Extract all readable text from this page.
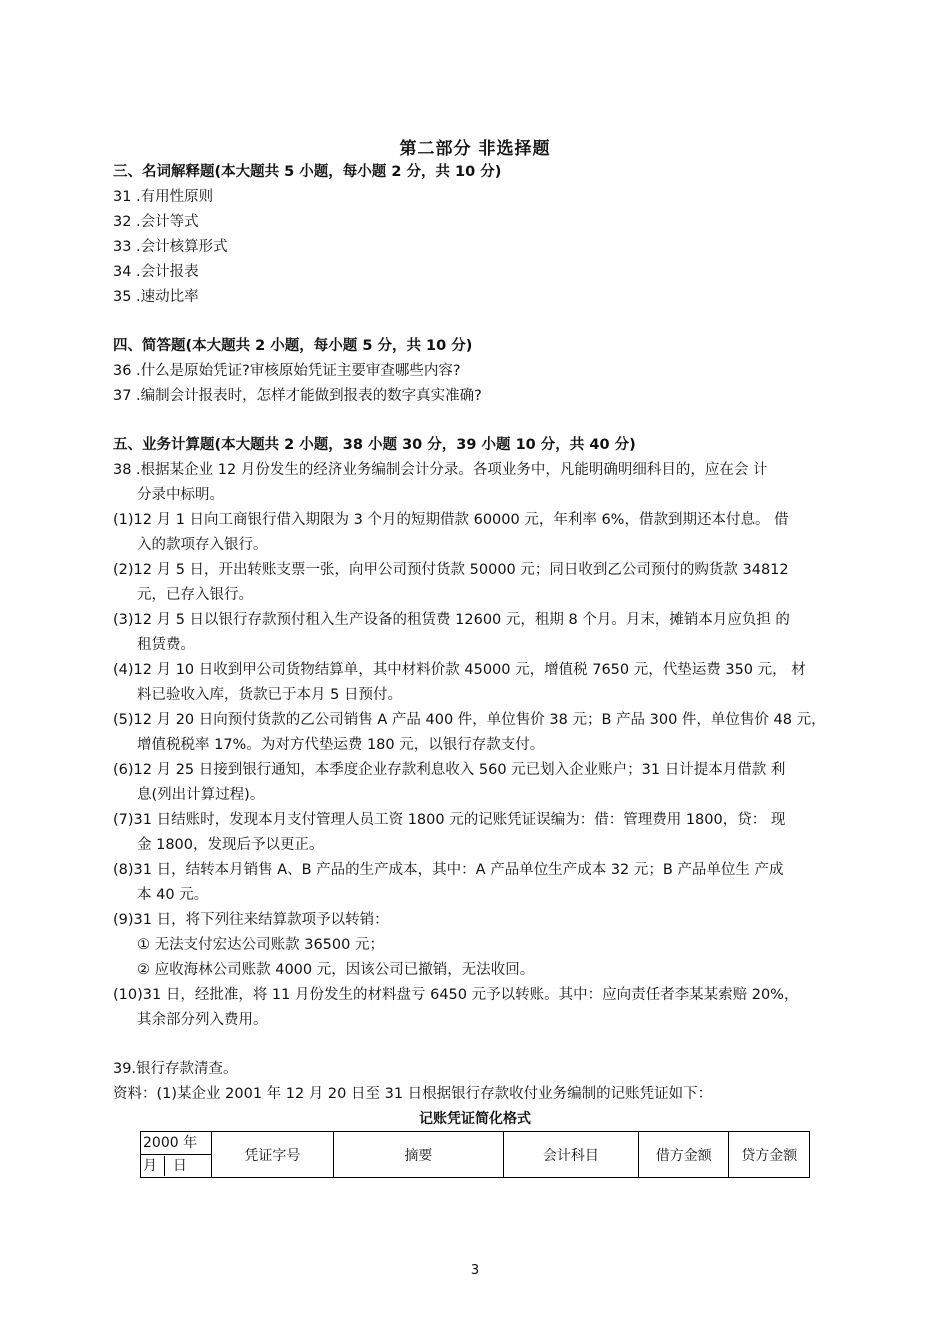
第二部分 非选择题
三、名词解释题(本大题共 5 小题，每小题 2 分，共 10 分)
31 .有用性原则
32 .会计等式
33 .会计核算形式
34 .会计报表
35 .速动比率
四、简答题(本大题共 2 小题，每小题 5 分，共 10 分)
36 .什么是原始凭证?审核原始凭证主要审查哪些内容?
37 .编制会计报表时，怎样才能做到报表的数字真实准确?
五、业务计算题(本大题共 2 小题，38 小题 30 分，39 小题 10 分，共 40 分)
38 .根据某企业 12 月份发生的经济业务编制会计分录。各项业务中，凡能明确明细科目的，应在会 计
分录中标明。
(1)12 月 1 日向工商银行借入期限为 3 个月的短期借款 60000 元，年利率 6%，借款到期还本付息。 借
入的款项存入银行。
(2)12 月 5 日，开出转账支票一张，向甲公司预付货款 50000 元；同日收到乙公司预付的购货款 34812
元，已存入银行。
(3)12 月 5 日以银行存款预付租入生产设备的租赁费 12600 元，租期 8 个月。月末，摊销本月应负担 的
租赁费。
(4)12 月 10 日收到甲公司货物结算单，其中材料价款 45000 元，增值税 7650 元，代垫运费 350 元， 材
料已验收入库，货款已于本月 5 日预付。
(5)12 月 20 日向预付货款的乙公司销售 A 产品 400 件，单位售价 38 元；B 产品 300 件，单位售价 48 元，
增值税税率 17%。为对方代垫运费 180 元，以银行存款支付。
(6)12 月 25 日接到银行通知，本季度企业存款利息收入 560 元已划入企业账户；31 日计提本月借款 利
息(列出计算过程)。
(7)31 日结账时，发现本月支付管理人员工资 1800 元的记账凭证误编为：借：管理费用 1800，贷： 现
金 1800，发现后予以更正。
(8)31 日，结转本月销售 A、B 产品的生产成本，其中：A 产品单位生产成本 32 元；B 产品单位生 产成
本 40 元。
(9)31 日，将下列往来结算款项予以转销：
① 无法支付宏达公司账款 36500 元；
② 应收海林公司账款 4000 元，因该公司已撤销，无法收回。
(10)31 日，经批准，将 11 月份发生的材料盘亏 6450 元予以转账。其中：应向责任者李某某索赔 20%，
其余部分列入费用。
39.银行存款清查。
资料：(1)某企业 2001 年 12 月 20 日至 31 日根据银行存款收付业务编制的记账凭证如下：
记账凭证简化格式
2000 年
月 日
	凭证字号	摘要	会计科目	借方金额	贷方金额
3
